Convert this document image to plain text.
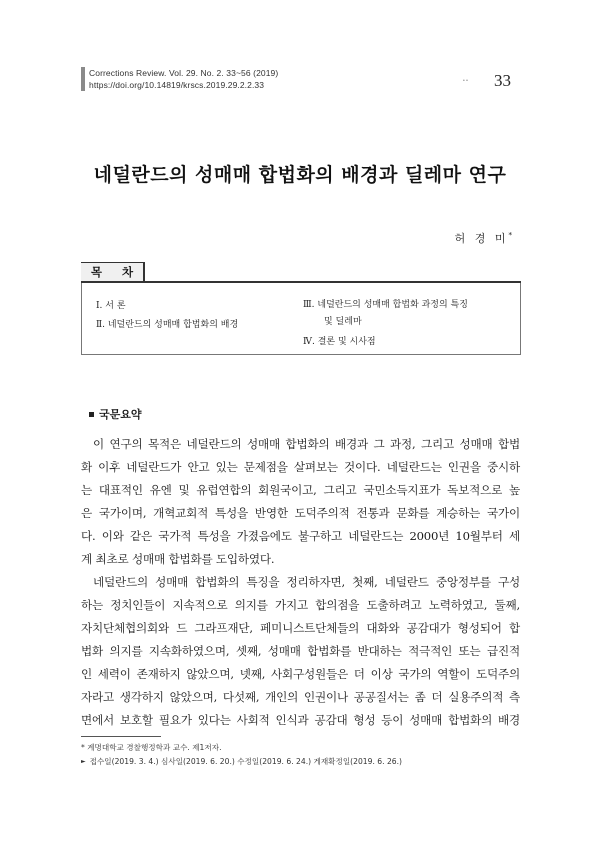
Corrections Review. Vol. 29. No. 2. 33~56 (2019)
https://doi.org/10.14819/krscs.2019.29.2.2.33	• • 33
네덜란드의 성매매 합법화의 배경과 딜레마 연구
허 경 미*
목 차
Ⅰ. 서 론
Ⅱ. 네덜란드의 성매매 합법화의 배경
Ⅲ. 네덜란드의 성매매 합법화 과정의 특징
및 딜레마
Ⅳ. 결론 및 시사점
국문요약
이 연구의 목적은 네덜란드의 성매매 합법화의 배경과 그 과정, 그리고 성매매 합법
화 이후 네덜란드가 안고 있는 문제점을 살펴보는 것이다. 네덜란드는 인권을 중시하
는 대표적인 유엔 및 유럽연합의 회원국이고, 그리고 국민소득지표가 독보적으로 높
은 국가이며, 개혁교회적 특성을 반영한 도덕주의적 전통과 문화를 계승하는 국가이
다. 이와 같은 국가적 특성을 가졌음에도 불구하고 네덜란드는 2000년 10월부터 세
계 최초로 성매매 합법화를 도입하였다.
네덜란드의 성매매 합법화의 특징을 정리하자면, 첫째, 네덜란드 중앙정부를 구성
하는 정치인들이 지속적으로 의지를 가지고 합의점을 도출하려고 노력하였고, 둘째,
자치단체협의회와 드 그라프재단, 페미니스트단체들의 대화와 공감대가 형성되어 합
법화 의지를 지속화하였으며, 셋째, 성매매 합법화를 반대하는 적극적인 또는 급진적
인 세력이 존재하지 않았으며, 넷째, 사회구성원들은 더 이상 국가의 역할이 도덕주의
자라고 생각하지 않았으며, 다섯째, 개인의 인권이나 공공질서는 좀 더 실용주의적 측
면에서 보호할 필요가 있다는 사회적 인식과 공감대 형성 등이 성매매 합법화의 배경
* 계명대학교 경찰행정학과 교수. 제1저자.
► 접수일(2019. 3. 4.) 심사일(2019. 6. 20.) 수정일(2019. 6. 24.) 게재확정일(2019. 6. 26.)
